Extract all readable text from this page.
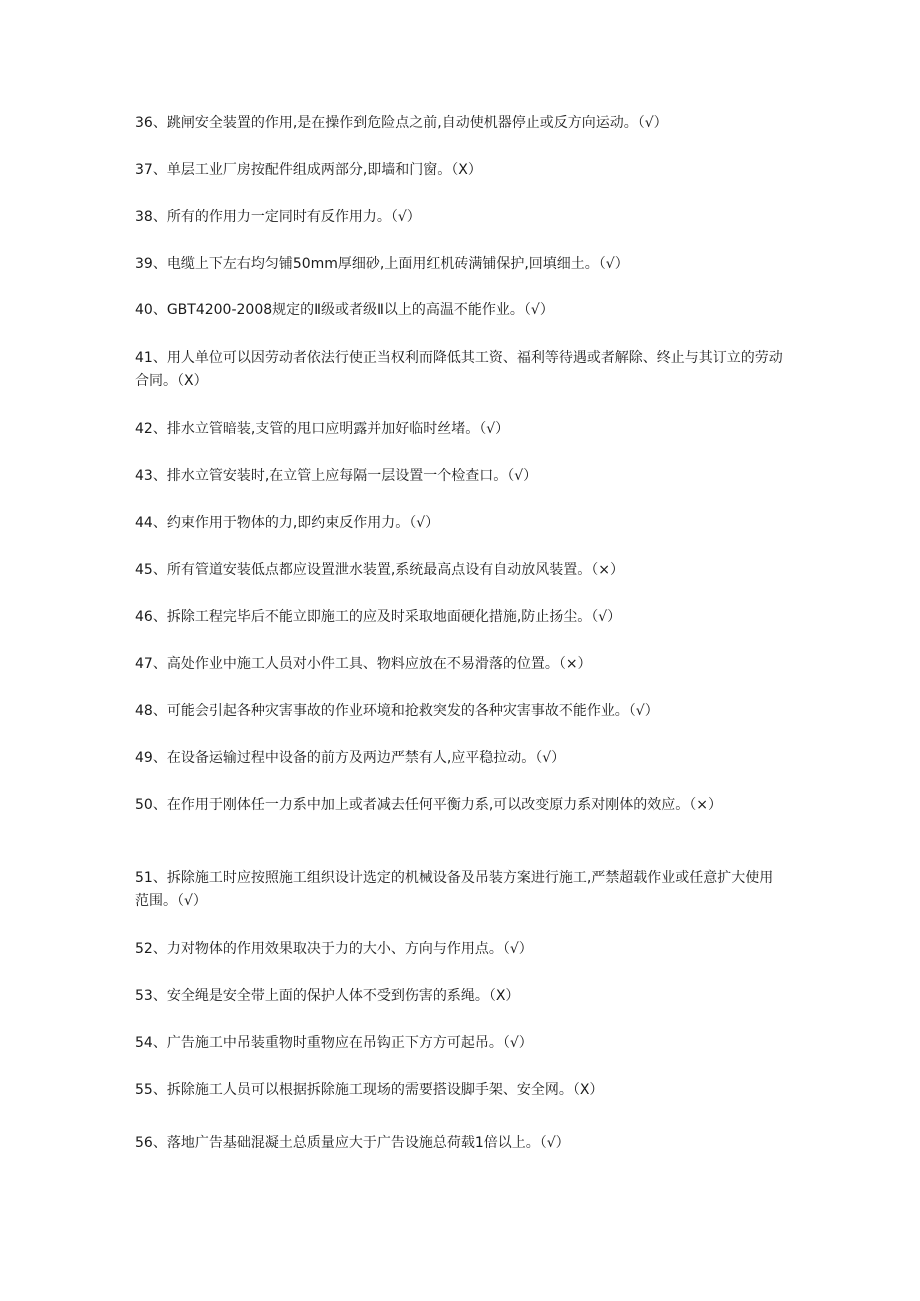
36、跳闸安全装置的作用,是在操作到危险点之前,自动使机器停止或反方向运动。（√）
37、单层工业厂房按配件组成两部分,即墙和门窗。（X）
38、所有的作用力一定同时有反作用力。（√）
39、电缆上下左右均匀铺50mm厚细砂,上面用红机砖满铺保护,回填细土。（√）
40、GBT4200-2008规定的Ⅱ级或者级Ⅱ以上的高温不能作业。（√）
41、用人单位可以因劳动者依法行使正当权利而降低其工资、福利等待遇或者解除、终止与其订立的劳动合同。（X）
42、排水立管暗装,支管的甩口应明露并加好临时丝堵。（√）
43、排水立管安装时,在立管上应每隔一层设置一个检查口。（√）
44、约束作用于物体的力,即约束反作用力。（√）
45、所有管道安装低点都应设置泄水装置,系统最高点设有自动放风装置。（×）
46、拆除工程完毕后不能立即施工的应及时采取地面硬化措施,防止扬尘。（√）
47、高处作业中施工人员对小件工具、物料应放在不易滑落的位置。（×）
48、可能会引起各种灾害事故的作业环境和抢救突发的各种灾害事故不能作业。（√）
49、在设备运输过程中设备的前方及两边严禁有人,应平稳拉动。（√）
50、在作用于刚体任一力系中加上或者减去任何平衡力系,可以改变原力系对刚体的效应。（×）
51、拆除施工时应按照施工组织设计选定的机械设备及吊装方案进行施工,严禁超载作业或任意扩大使用范围。（√）
52、力对物体的作用效果取决于力的大小、方向与作用点。（√）
53、安全绳是安全带上面的保护人体不受到伤害的系绳。（X）
54、广告施工中吊装重物时重物应在吊钩正下方方可起吊。（√）
55、拆除施工人员可以根据拆除施工现场的需要搭设脚手架、安全网。（X）
56、落地广告基础混凝土总质量应大于广告设施总荷载1倍以上。（√）
